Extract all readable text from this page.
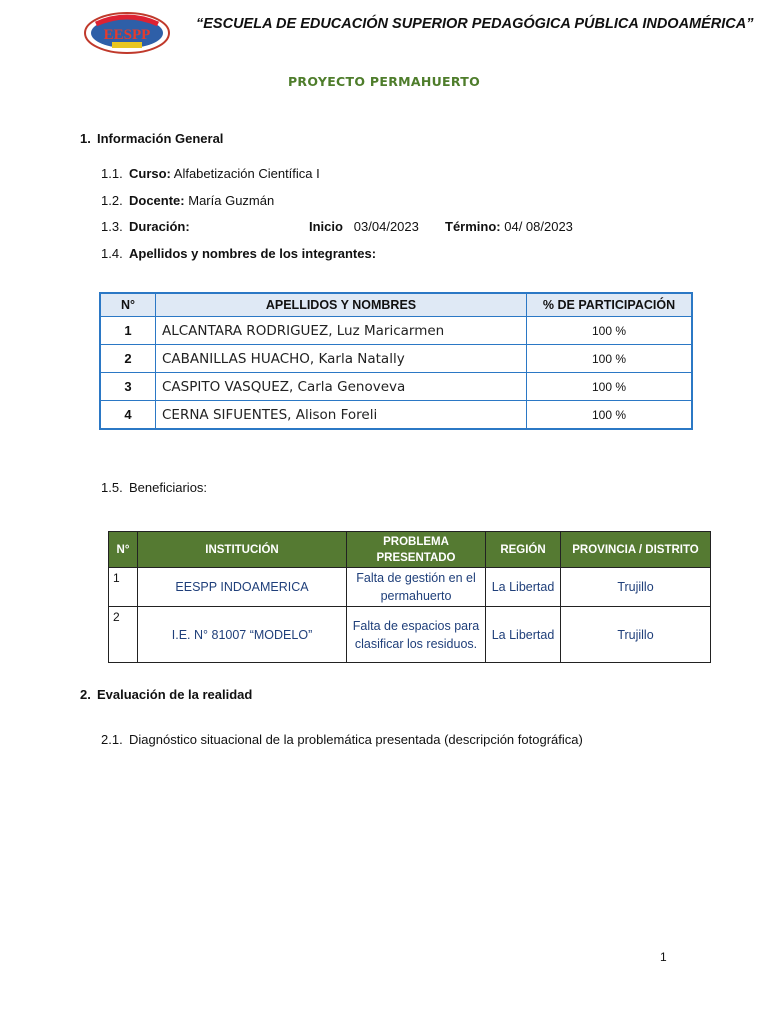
EESPP
“ESCUELA DE EDUCACIÓN SUPERIOR PEDAGÓGICA PÚBLICA INDOAMÉRICA”
PROYECTO PERMAHUERTO
1. Información General
1.1. Curso: Alfabetización Científica I
1.2. Docente: María Guzmán
1.3. Duración:	Inicio 03/04/2023 Término: 04/ 08/2023
1.4. Apellidos y nombres de los integrantes:
N°	APELLIDOS Y NOMBRES	% DE PARTICIPACIÓN
1	ALCANTARA RODRIGUEZ, Luz Maricarmen	100 %
2	CABANILLAS HUACHO, Karla Natally	100 %
3	CASPITO VASQUEZ, Carla Genoveva	100 %
4	CERNA SIFUENTES, Alison Foreli	100 %
1.5. Beneficiarios:
N°	INSTITUCIÓN	PROBLEMA PRESENTADO	REGIÓN	PROVINCIA / DISTRITO
1	EESPP INDOAMERICA	Falta de gestión en el permahuerto	La Libertad	Trujillo
2	I.E. N° 81007 “MODELO”	Falta de espacios para clasificar los residuos.	La Libertad	Trujillo
2. Evaluación de la realidad
2.1. Diagnóstico situacional de la problemática presentada (descripción fotográfica)
1
